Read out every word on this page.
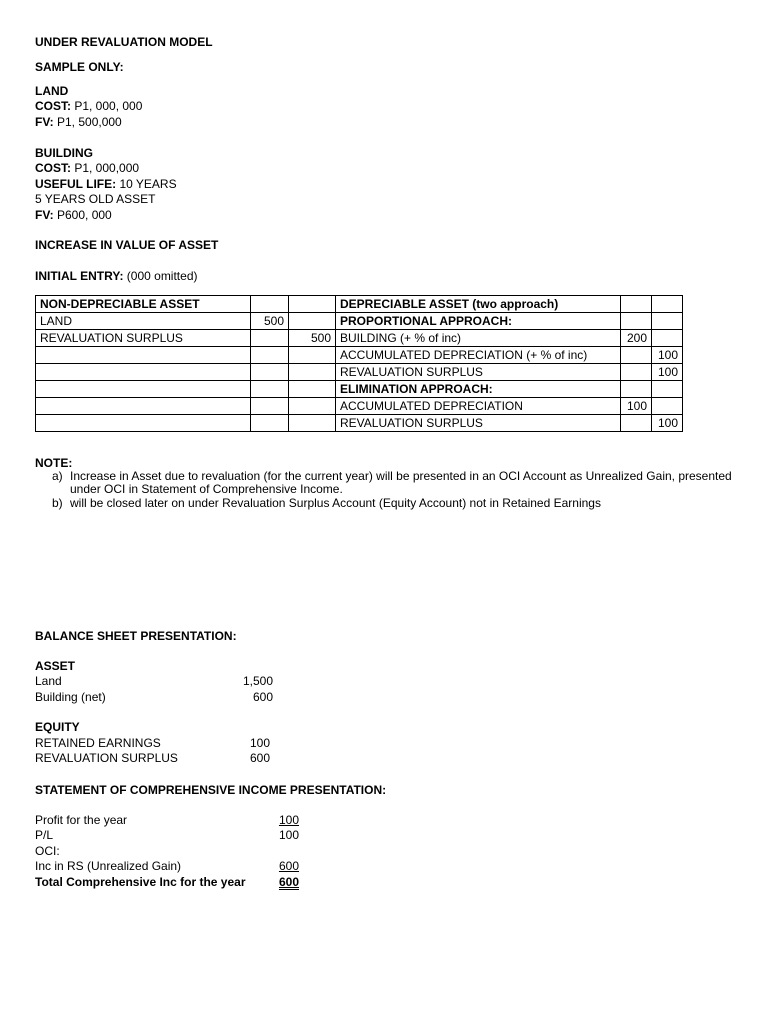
UNDER REVALUATION MODEL
SAMPLE ONLY:
LAND
COST: P1, 000, 000
FV: P1, 500,000
BUILDING
COST: P1, 000,000
USEFUL LIFE: 10 YEARS
5 YEARS OLD ASSET
FV: P600, 000
INCREASE IN VALUE OF ASSET
INITIAL ENTRY: (000 omitted)
NON-DEPRECIABLE ASSET			DEPRECIABLE ASSET (two approach)		
LAND	500		PROPORTIONAL APPROACH:		
REVALUATION SURPLUS		500	BUILDING (+ % of inc)	200	
			ACCUMULATED DEPRECIATION (+ % of inc)		100
			REVALUATION SURPLUS		100
			ELIMINATION APPROACH:		
			ACCUMULATED DEPRECIATION	100	
			REVALUATION SURPLUS		100
NOTE:
a) Increase in Asset due to revaluation (for the current year) will be presented in an OCI Account as Unrealized Gain, presented under OCI in Statement of Comprehensive Income.
b) will be closed later on under Revaluation Surplus Account (Equity Account) not in Retained Earnings
BALANCE SHEET PRESENTATION:
ASSET
Land	1,500
Building (net)	600
EQUITY
RETAINED EARNINGS	100
REVALUATION SURPLUS	600
STATEMENT OF COMPREHENSIVE INCOME PRESENTATION:
Profit for the year	100
P/L	100
OCI:
Inc in RS (Unrealized Gain)	600
Total Comprehensive Inc for the year	600
